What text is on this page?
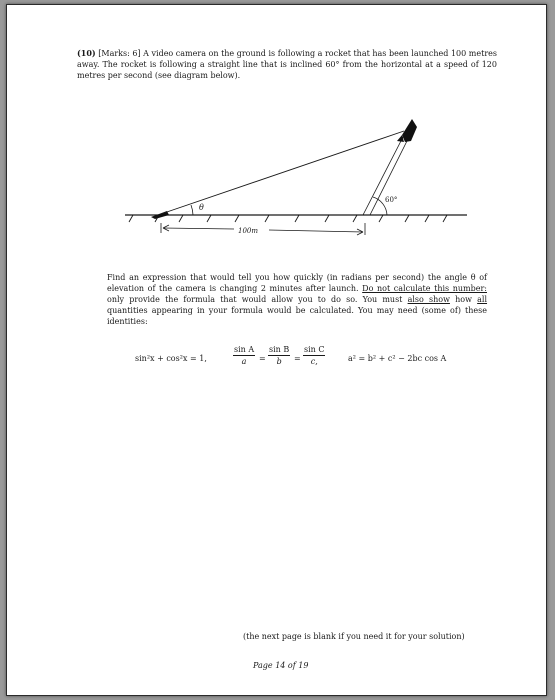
(10) [Marks: 6] A video camera on the ground is following a rocket that has been launched 100 metres away. The rocket is following a straight line that is inclined 60° from the horizontal at a speed of 120 metres per second (see diagram below).
θ
60°
100m
Find an expression that would tell you how quickly (in radians per second) the angle θ of elevation of the camera is changing 2 minutes after launch. Do not calculate this number: only provide the formula that would allow you to do so. You must also show how all quantities appearing in your formula would be calculated. You may need (some of) these identities:
sin²x + cos²x = 1,	$\frac{\text{sin A}}{a} = \frac{\text{sin B}}{b} = \frac{\text{sin C}}{c,}$	a² = b² + c² − 2bc cos A
(the next page is blank if you need it for your solution)
Page 14 of 19
